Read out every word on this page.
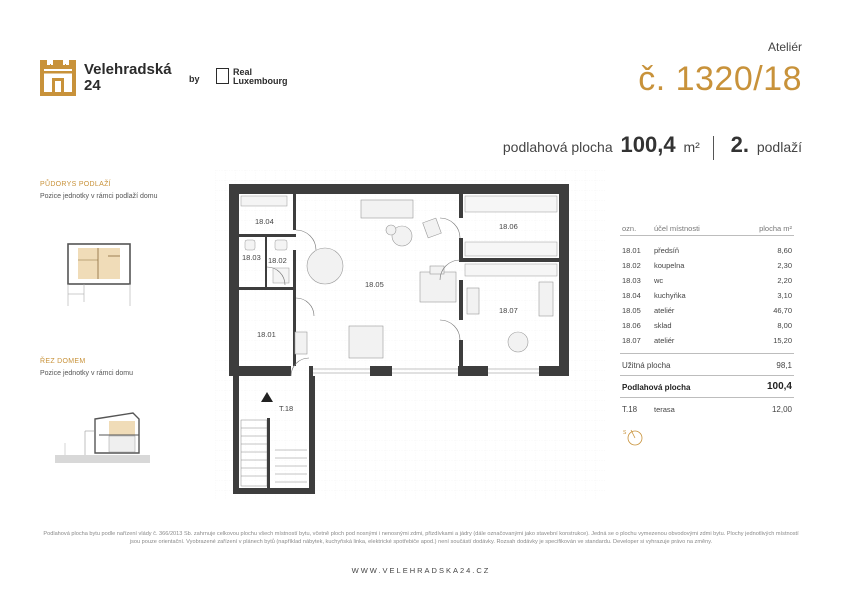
Velehradská
24	by
Real
Luxembourg
Ateliér
č. 1320/18
podlahová plocha 100,4 m² 2. podlaží
PŮDORYS PODLAŽÍ
Pozice jednotky v rámci podlaží domu
ŘEZ DOMEM
Pozice jednotky v rámci domu
18.04
18.03 18.02
18.05
18.06
18.07
18.01
T.18
ozn. účel místnosti	plocha m²
18.01 předsíň	8,60
18.02 koupelna	2,30
18.03 wc	2,20
18.04 kuchyňka	3,10
18.05 ateliér	46,70
18.06 sklad	8,00
18.07 ateliér	15,20
Užitná plocha	98,1
Podlahová plocha	100,4
T.18 terasa	12,00
S
Podlahová plocha bytu podle nařízení vlády č. 366/2013 Sb. zahrnuje celkovou plochu všech místností bytu, včetně ploch pod nosnými i nenosnými zdmi, přizdívkami a jádry (dále označovanými jako stavební konstrukce). Jedná se o plochu vymezenou obvodovými zdmi bytu. Plochy jednotlivých místností jsou pouze orientační. Vyobrazené zařízení v plánech bytů (například nábytek, kuchyňská linka, elektrické spotřebiče apod.) není součástí dodávky. Rozsah dodávky je specifikován ve standardu. Developer si vyhrazuje právo na změny.
WWW.VELEHRADSKA24.CZ
